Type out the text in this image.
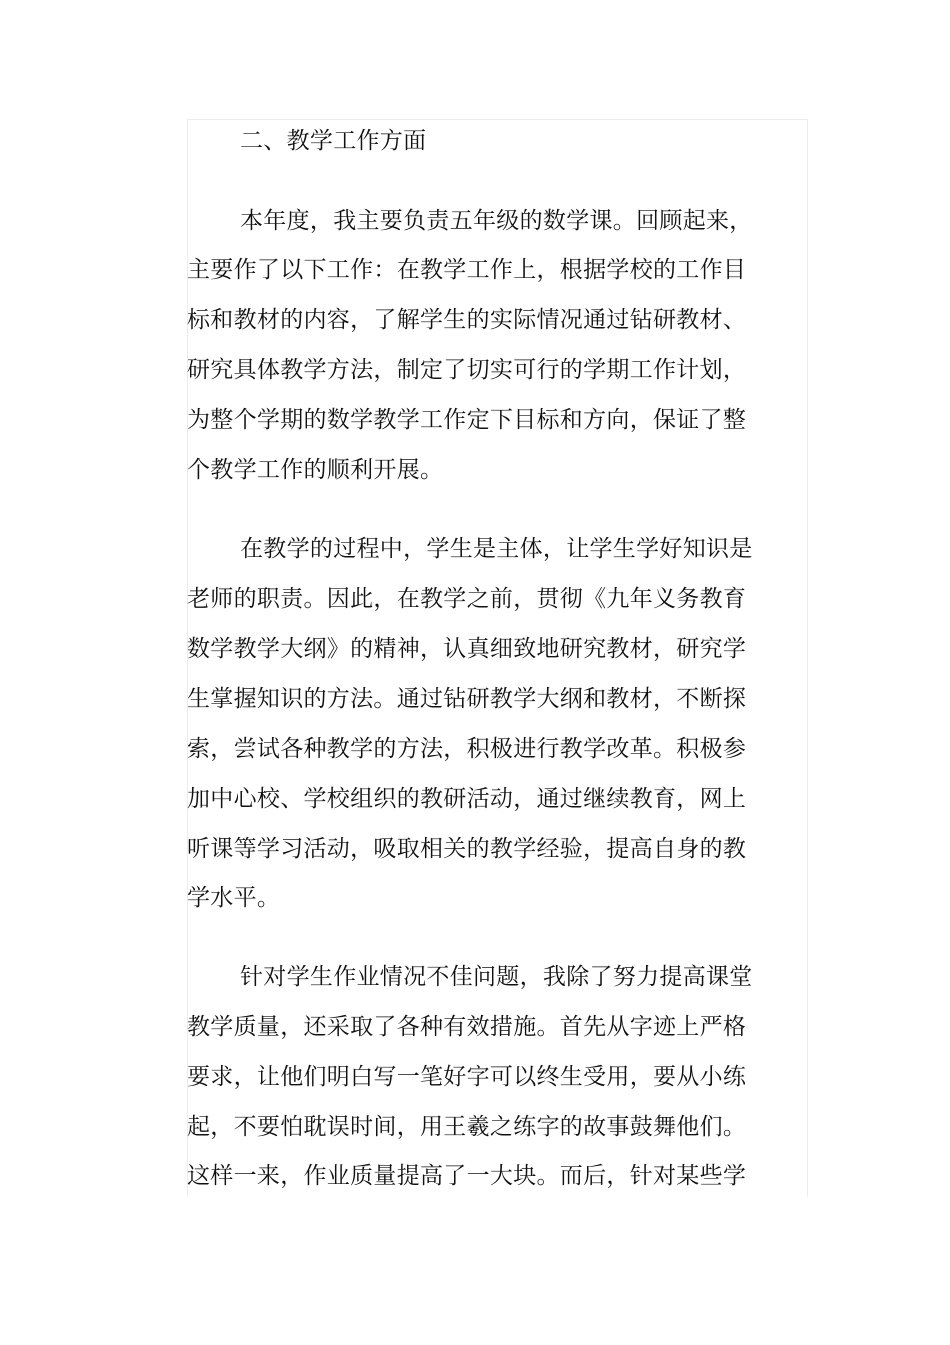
二、教学工作方面
本年度，我主要负责五年级的数学课。回顾起来，
主要作了以下工作：在教学工作上，根据学校的工作目
标和教材的内容，了解学生的实际情况通过钻研教材、
研究具体教学方法，制定了切实可行的学期工作计划，
为整个学期的数学教学工作定下目标和方向，保证了整
个教学工作的顺利开展。
在教学的过程中，学生是主体，让学生学好知识是
老师的职责。因此，在教学之前，贯彻《九年义务教育
数学教学大纲》的精神，认真细致地研究教材，研究学
生掌握知识的方法。通过钻研教学大纲和教材，不断探
索，尝试各种教学的方法，积极进行教学改革。积极参
加中心校、学校组织的教研活动，通过继续教育，网上
听课等学习活动，吸取相关的教学经验，提高自身的教
学水平。
针对学生作业情况不佳问题，我除了努力提高课堂
教学质量，还采取了各种有效措施。首先从字迹上严格
要求，让他们明白写一笔好字可以终生受用，要从小练
起，不要怕耽误时间，用王羲之练字的故事鼓舞他们。
这样一来，作业质量提高了一大块。而后，针对某些学
